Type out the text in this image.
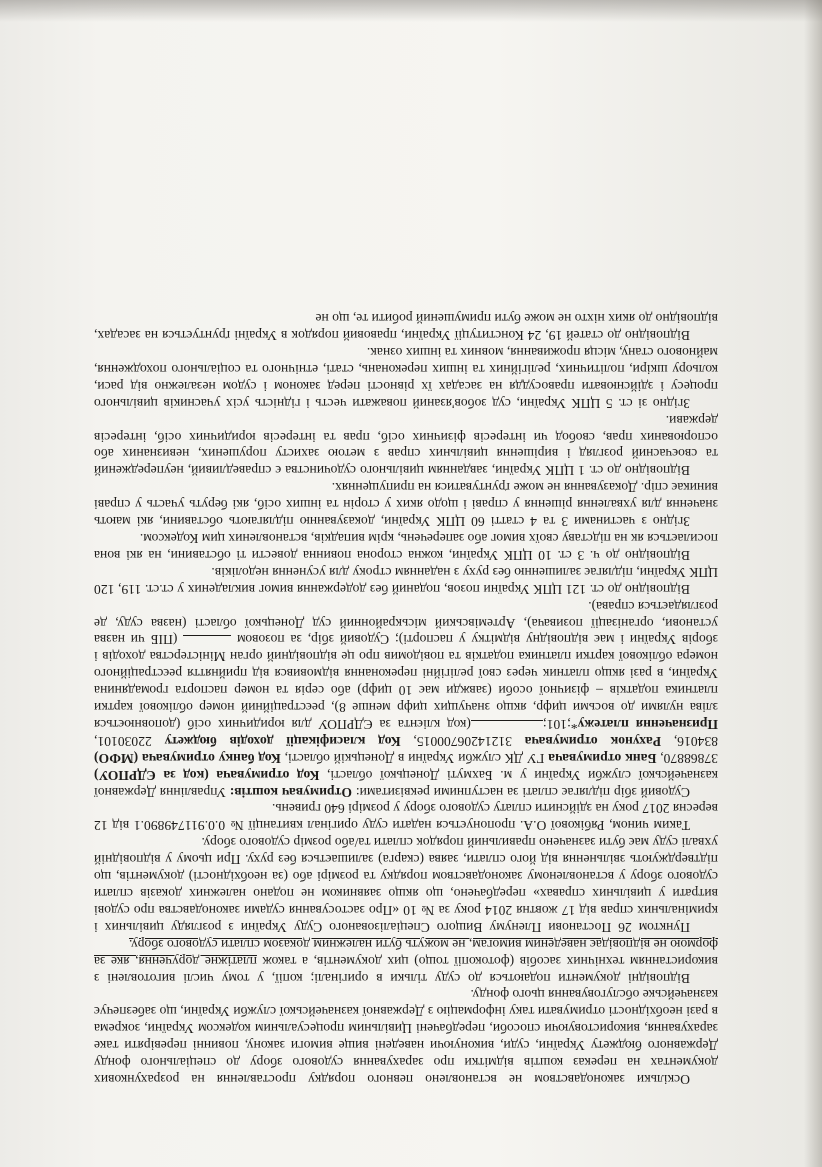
Оскільки законодавством не встановлено певного порядку проставлення на розрахункових документах на переказ коштів відмітки про зарахування судового збору до спеціального фонду Державного бюджету України, суди, виконуючи наведені вище вимоги закону, повинні перевіряти таке зарахування, використовуючи способи, передбачені Цивільним процесуальним кодексом України, зокрема в разі необхідності отримувати таку інформацію з Державної казначейської служби України, що забезпечує казначейське обслуговування цього фонду.

Відповідні документи подаються до суду тільки в оригіналі; копії, у тому числі виготовлені з використанням технічних засобів (фотокопії тощо) цих документів, а також платіжне доручення, яке за формою не відповідає наведеним вимогам, не можуть бути належним доказом сплати судового збору.

Пунктом 26 Постанови Пленуму Вищого Спеціалізованого Суду України з розгляду цивільних і кримінальних справ від 17 жовтня 2014 року за № 10 «Про застосування судами законодавства про судові витрати у цивільних справах» передбачено, що якщо заявником не подано належних доказів сплати судового збору у встановленому законодавством порядку та розмірі або (за необхідності) документів, що підтверджують звільнення від його сплати, заява (скарга) залишається без руху. При цьому у відповідній ухвалі суду має бути зазначено правильний порядок сплати та/або розмір судового збору.

Таким чином, Рябікової О.А. пропонується надати суду оригінал квитанції № 0.0.911749890.1 від 12 вересня 2017 року на здійснити сплату судового збору у розмірі 640 гривень.

Судовий збір підлягає сплаті за наступними реквізитами: Отримувач коштів: Управління Державної казначейської служби України у м. Бахмуті Донецької області, Код отримувача (код за ЄДРПОУ) 37868870, Банк отримувача ГУ ДК служби України в Донецькій області, Код банку отримувача (МФО) 834016, Рахунок отримувача 31214206700015, Код класифікації доходів бюджету 22030101, Призначення платежу*;101;(код клієнта за ЄДРПОУ для юридичних осіб (доповнюється зліва нулями до восьми цифр, якщо значущих цифр менше 8), реєстраційний номер облікової картки платника податків – фізичної особи (завжди має 10 цифр) або серія та номер паспорта громадянина України, в разі якщо платник через свої релігійні переконання відмовився від прийняття реєстраційного номера облікової картки платника податків та повідомив про це відповідний орган Міністерства доходів і зборів України і має відповідну відмітку у паспорті); Судовий збір, за позовом  (ПІБ чи назва установи, організації позивача), Артемівський міськрайонний суд Донецької області (назва суду, де розглядається справа).

Відповідно до ст. 121 ЦПК України позов, поданий без додержання вимог викладених у ст.ст. 119, 120 ЦПК України, підлягає залишенню без руху з наданням строку для усунення недоліків.

Відповідно до ч. 3 ст. 10 ЦПК України, кожна сторона повинна довести ті обставини, на які вона посилається як на підставу своїх вимог або заперечень, крім випадків, встановлених цим Кодексом.

Згідно з частинами 3 та 4 статті 60 ЦПК України, доказуванню підлягають обставини, які мають значення для ухвалення рішення у справі і щодо яких у сторін та інших осіб, які беруть участь у справі виникає спір. Доказування не може ґрунтуватися на припущеннях.

Відповідно до ст. 1 ЦПК України, завданням цивільного судочинства є справедливий, неупереджений та своєчасний розгляд і вирішення цивільних справ з метою захисту порушених, невизнаних або оспорюваних прав, свобод чи інтересів фізичних осіб, прав та інтересів юридичних осіб, інтересів держави.

Згідно зі ст. 5 ЦПК України, суд зобов'язаний поважати честь і гідність усіх учасників цивільного процесу і здійснювати правосуддя на засадах їх рівності перед законом і судом незалежно від раси, кольору шкіри, політичних, релігійних та інших переконань, статі, етнічного та соціального походження, майнового стану, місця проживання, мовних та інших ознак.

Відповідно до статей 19, 24 Конституції України, правовий порядок в Україні ґрунтується на засадах, відповідно до яких ніхто не може бути примушений робити те, що не
